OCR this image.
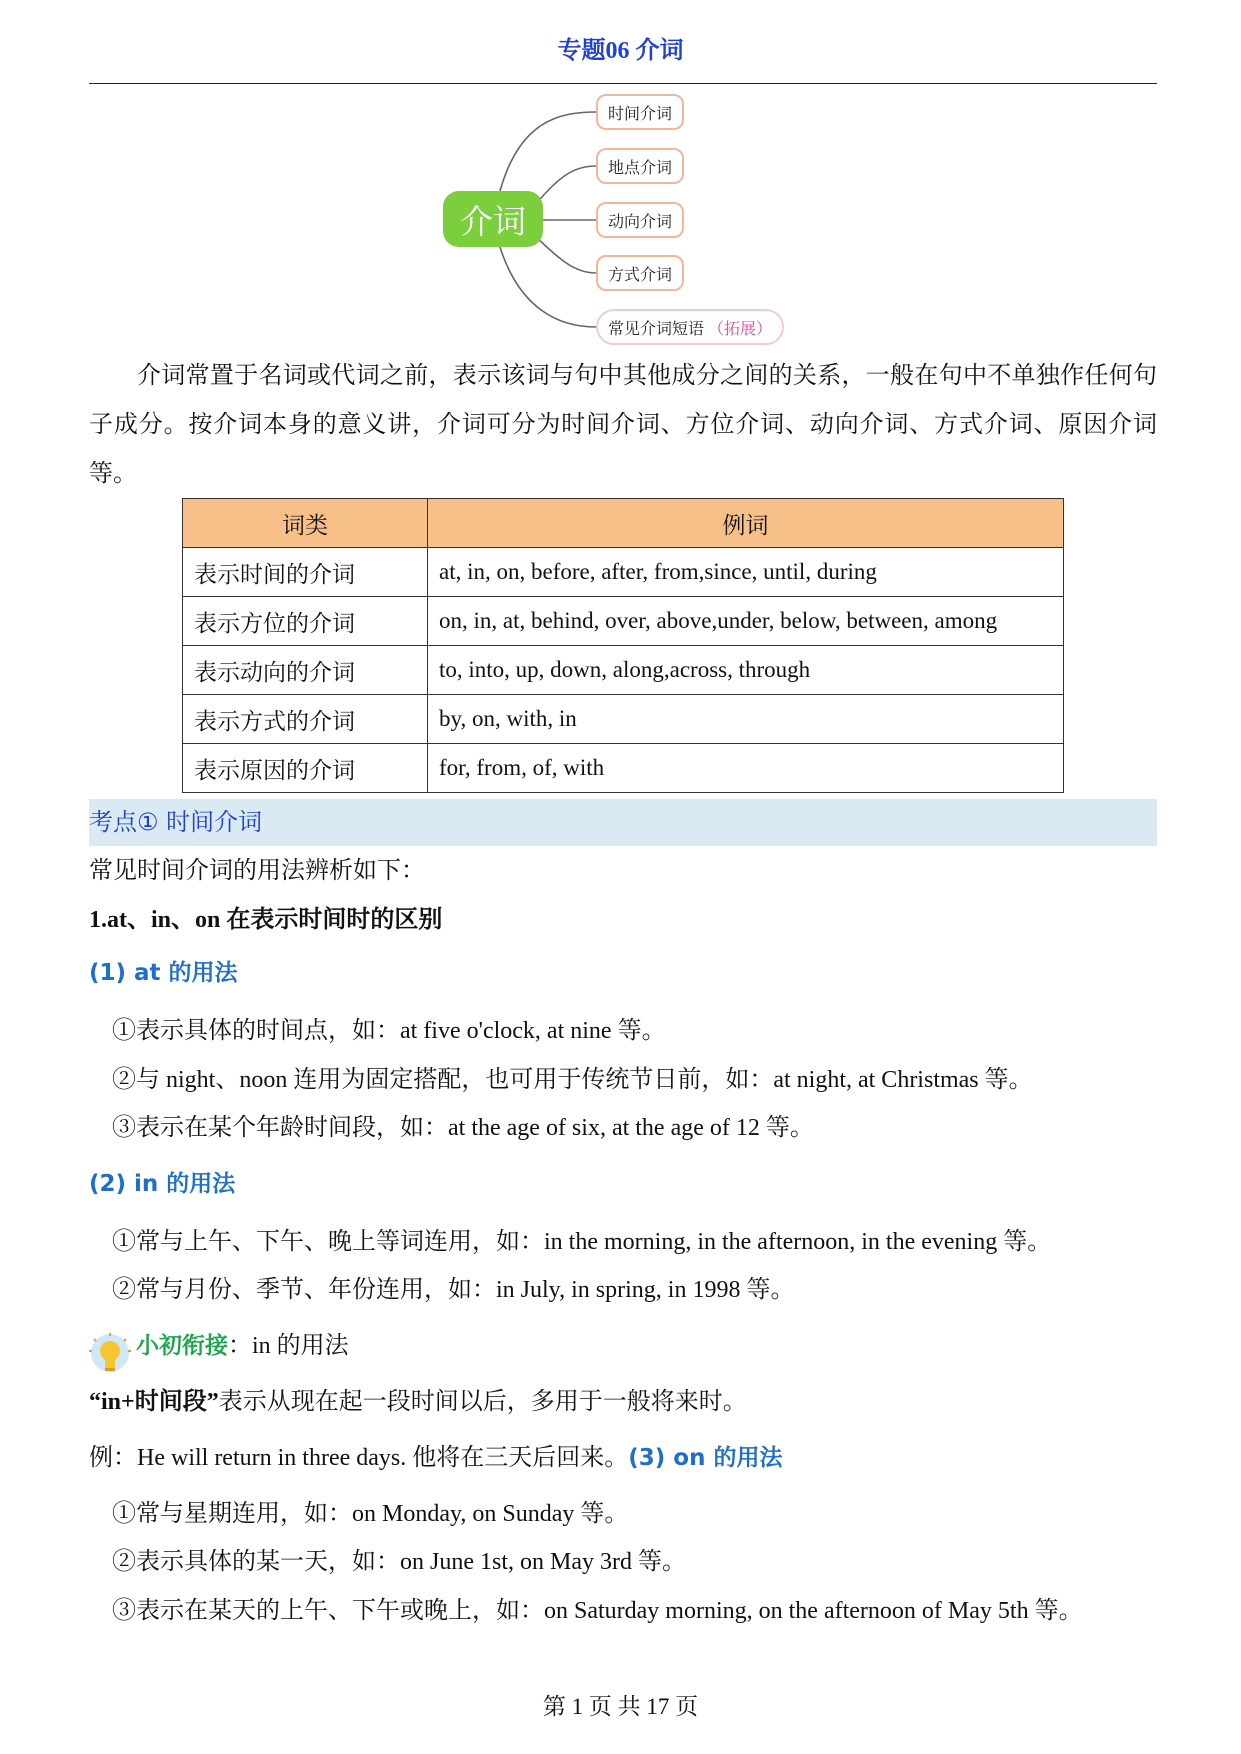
专题06 介词
介词
时间介词
地点介词
动向介词
方式介词
常见介词短语 （拓展）
介词常置于名词或代词之前，表示该词与句中其他成分之间的关系，一般在句中不单独作任何句子成分。按介词本身的意义讲，介词可分为时间介词、方位介词、动向介词、方式介词、原因介词等。
词类	例词
表示时间的介词	at, in, on, before, after, from,since, until, during
表示方位的介词	on, in, at, behind, over, above,under, below, between, among
表示动向的介词	to, into, up, down, along,across, through
表示方式的介词	by, on, with, in
表示原因的介词	for, from, of, with
考点① 时间介词
常见时间介词的用法辨析如下：
1.at、in、on 在表示时间时的区别
(1) at 的用法
①表示具体的时间点，如：at five o'clock, at nine 等。
②与 night、noon 连用为固定搭配，也可用于传统节日前，如：at night, at Christmas 等。
③表示在某个年龄时间段，如：at the age of six, at the age of 12 等。
(2) in 的用法
①常与上午、下午、晚上等词连用，如：in the morning, in the afternoon, in the evening 等。
②常与月份、季节、年份连用，如：in July, in spring, in 1998 等。
小初衔接：in 的用法
“in+时间段”表示从现在起一段时间以后，多用于一般将来时。
例：He will return in three days. 他将在三天后回来。(3) on 的用法
①常与星期连用，如：on Monday, on Sunday 等。
②表示具体的某一天，如：on June 1st, on May 3rd 等。
③表示在某天的上午、下午或晚上，如：on Saturday morning, on the afternoon of May 5th 等。
第 1 页 共 17 页
